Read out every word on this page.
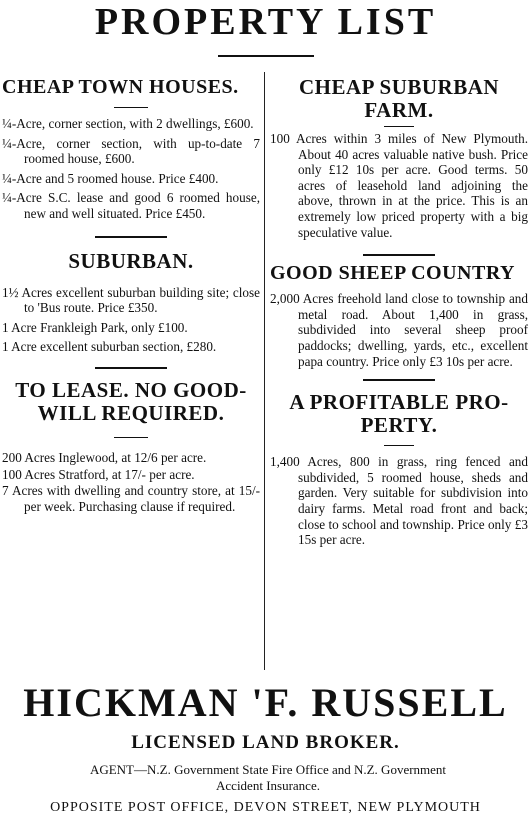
PROPERTY LIST
CHEAP TOWN HOUSES.
¼-Acre, corner section, with 2 dwellings, £600.
¼-Acre, corner section, with up-to-date 7 roomed house, £600.
¼-Acre and 5 roomed house. Price £400.
¼-Acre S.C. lease and good 6 roomed house, new and well situated. Price £450.
SUBURBAN.
1½ Acres excellent suburban building site; close to 'Bus route. Price £350.
1 Acre Frankleigh Park, only £100.
1 Acre excellent suburban section, £280.
TO LEASE. NO GOOD-
WILL REQUIRED.
200 Acres Inglewood, at 12/6 per acre.
100 Acres Stratford, at 17/- per acre.
7 Acres with dwelling and country store, at 15/- per week. Purchasing clause if required.
CHEAP SUBURBAN
FARM.
100 Acres within 3 miles of New Plymouth. About 40 acres valuable native bush. Price only £12 10s per acre. Good terms. 50 acres of leasehold land adjoining the above, thrown in at the price. This is an extremely low priced property with a big speculative value.
GOOD SHEEP COUNTRY
2,000 Acres freehold land close to township and metal road. About 1,400 in grass, subdivided into several sheep proof paddocks; dwelling, yards, etc., excellent papa country. Price only £3 10s per acre.
A PROFITABLE PRO-
PERTY.
1,400 Acres, 800 in grass, ring fenced and subdivided, 5 roomed house, sheds and garden. Very suitable for subdivision into dairy farms. Metal road front and back; close to school and township. Price only £3 15s per acre.
HICKMAN 'F. RUSSELL
LICENSED LAND BROKER.
AGENT—N.Z. Government State Fire Office and N.Z. Government
Accident Insurance.
OPPOSITE POST OFFICE, DEVON STREET, NEW PLYMOUTH
